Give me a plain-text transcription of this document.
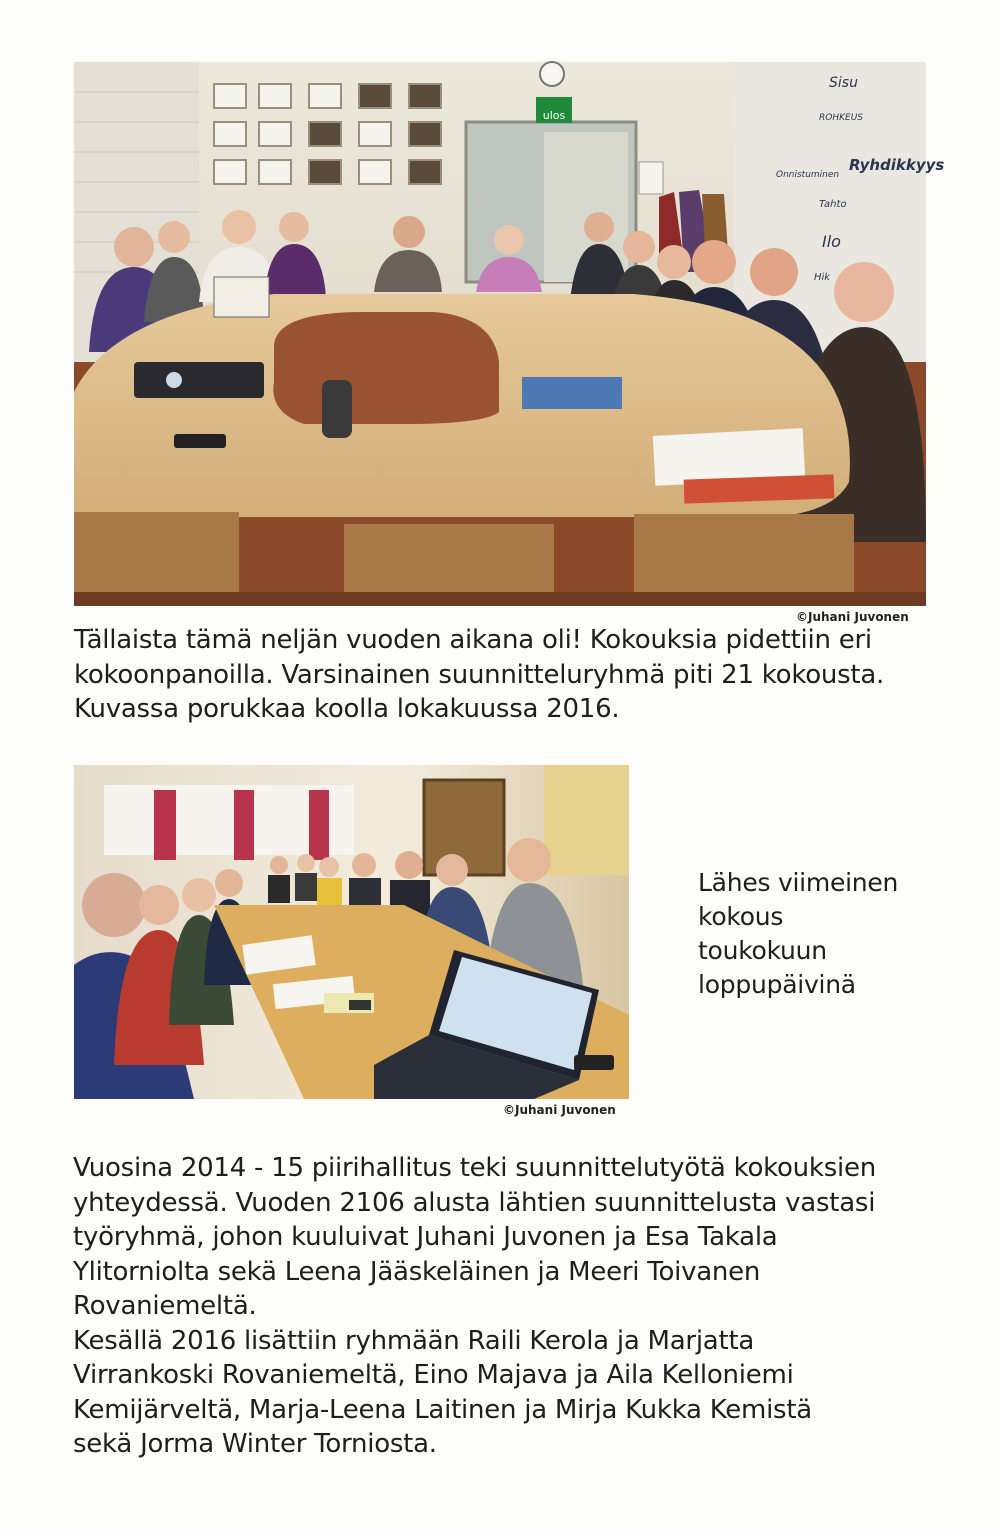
ulos
Sisu
ROHKEUS
Onnistuminen
Ryhdikkyys
Tahto
Ilo
Hik
©Juhani Juvonen

Tällaista tämä neljän vuoden aikana oli! Kokouksia pidettiin eri
kokoonpanoilla. Varsinainen suunnitteluryhmä piti 21 kokousta.
Kuvassa porukkaa koolla lokakuussa 2016.

©Juhani Juvonen

Lähes viimeinen
kokous
toukokuun
loppupäivinä

Vuosina 2014 - 15 piirihallitus teki suunnittelutyötä kokouksien
yhteydessä. Vuoden 2106 alusta lähtien suunnittelusta vastasi
työryhmä, johon kuuluivat Juhani Juvonen ja Esa Takala
Ylitorniolta sekä Leena Jääskeläinen ja Meeri Toivanen
Rovaniemeltä.
Kesällä 2016 lisättiin ryhmään Raili Kerola ja Marjatta
Virrankoski Rovaniemeltä, Eino Majava ja Aila Kelloniemi
Kemijärveltä, Marja-Leena Laitinen ja Mirja Kukka Kemistä
sekä Jorma Winter Torniosta.
